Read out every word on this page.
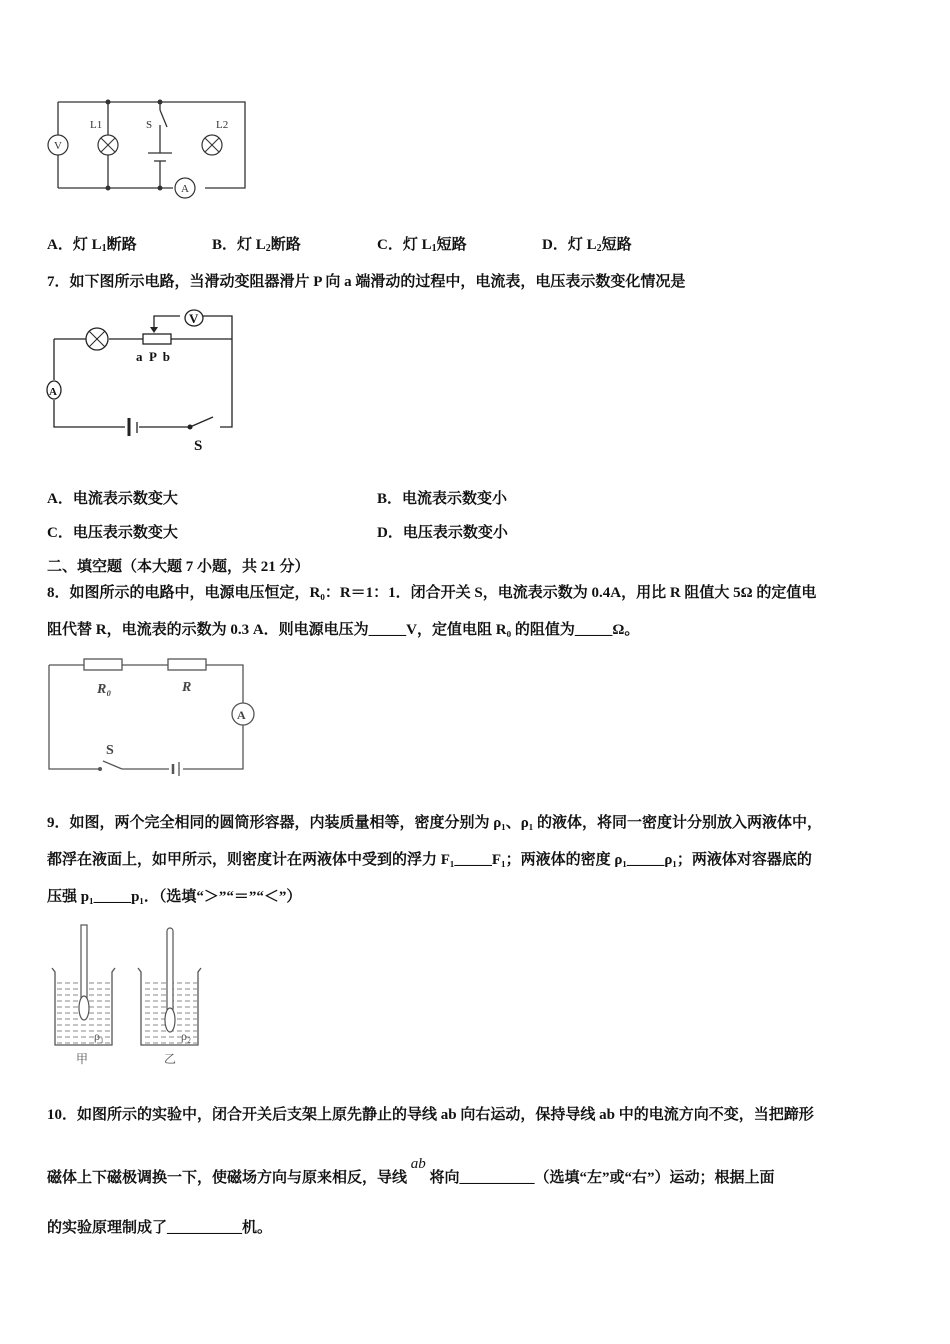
V
A
S
L1	L2
A．灯 $L_1$断路	B．灯 $L_2$断路	C．灯 $L_1$短路	D．灯 $L_2$短路
7．如下图所示电路，当滑动变阻器滑片 P 向 a 端滑动的过程中，电流表，电压表示数变化情况是
V
A
S
a  P  b
A．电流表示数变大	B．电流表示数变小
C．电压表示数变大	D．电压表示数变小
二、填空题（本大题 7 小题，共 21 分）
8．如图所示的电路中，电源电压恒定，R₀：R＝1：1．闭合开关 S，电流表示数为 0.4A，用比 R 阻值大 5Ω 的定值电
阻代替 R，电流表的示数为 0.3 A．则电源电压为_____V，定值电阻 R₀ 的阻值为_____Ω。
R₀	R
A
S
9．如图，两个完全相同的圆筒形容器，内装质量相等，密度分别为 ρ₁、ρ₁ 的液体，将同一密度计分别放入两液体中，
都浮在液面上，如甲所示，则密度计在两液体中受到的浮力 F₁_____F₁；两液体的密度 ρ₁_____ρ₁；两液体对容器底的
压强 p₁_____p₁．（选填“＞”“＝”“＜”）
ρ₁	ρ₂
甲	乙
10．如图所示的实验中，闭合开关后支架上原先静止的导线 ab 向右运动，保持导线 ab 中的电流方向不变，当把蹄形
磁体上下磁极调换一下，使磁场方向与原来相反，导线 ab 将向__________（选填“左”或“右”）运动；根据上面
的实验原理制成了__________机。
